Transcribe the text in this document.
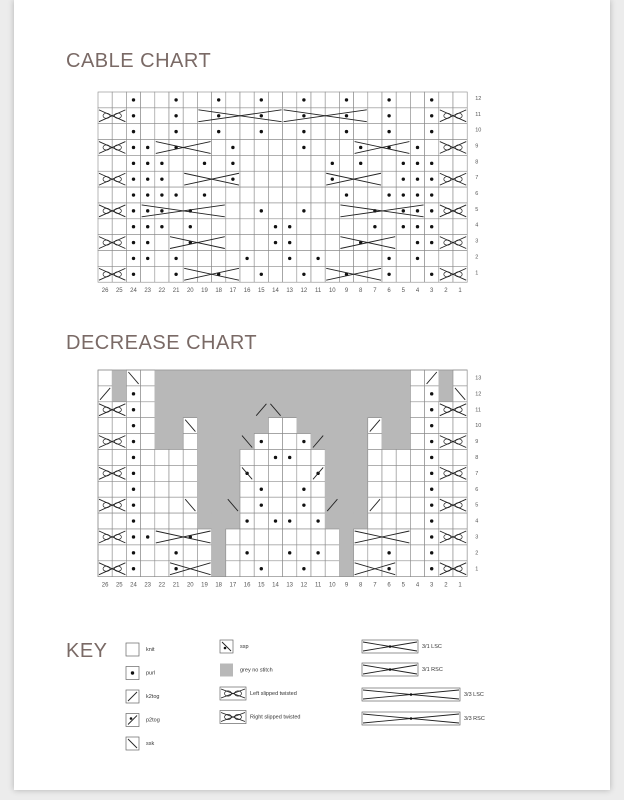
CABLE CHART
DECREASE CHART
KEY
12
11
10
9
8
7
6
5
4
3
2
1
26 25 24 23 22 21 20 19 18 17 16 15 14 13 12 11 10 9 8 7 6 5 4 3 2 1
13
12
11
10
9
8
7
6
5
4
3
2
1
26 25 24 23 22 21 20 19 18 17 16 15 14 13 12 11 10 9 8 7 6 5 4 3 2 1
knit
purl
k2tog
p2tog
ssk
ssp
grey no stitch
Left slipped twisted
Right slipped twisted
3/1 LSC
3/1 RSC
3/3 LSC
3/3 RSC
